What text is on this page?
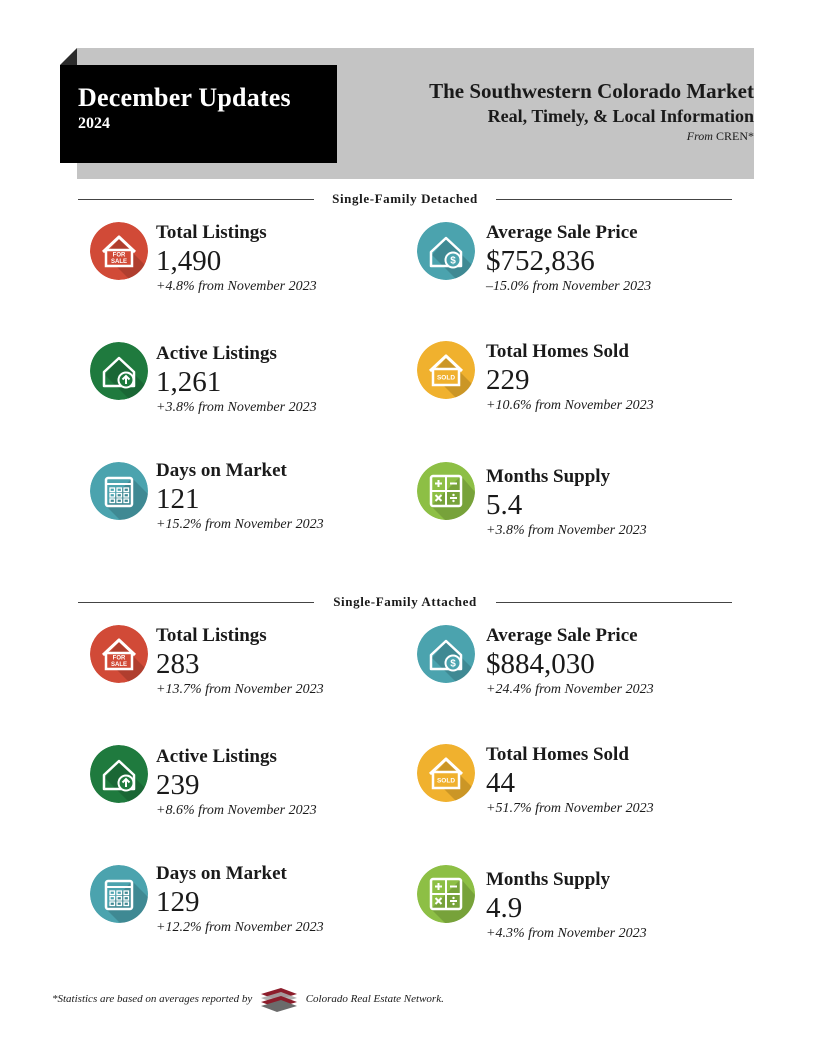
December Updates
2024
The Southwestern Colorado Market
Real, Timely, & Local Information
From CREN*
Single-Family Detached
FOR
SALE
Total Listings
1,490
+4.8% from November 2023
$
Average Sale Price
$752,836
–15.0% from November 2023
Active Listings
1,261
+3.8% from November 2023
SOLD
Total Homes Sold
229
+10.6% from November 2023
Days on Market
121
+15.2% from November 2023
Months Supply
5.4
+3.8% from November 2023
Single-Family Attached
FOR
SALE
Total Listings
283
+13.7% from November 2023
$
Average Sale Price
$884,030
+24.4% from November 2023
Active Listings
239
+8.6% from November 2023
SOLD
Total Homes Sold
44
+51.7% from November 2023
Days on Market
129
+12.2% from November 2023
Months Supply
4.9
+4.3% from November 2023
*Statistics are based on averages reported by	Colorado Real Estate Network.
